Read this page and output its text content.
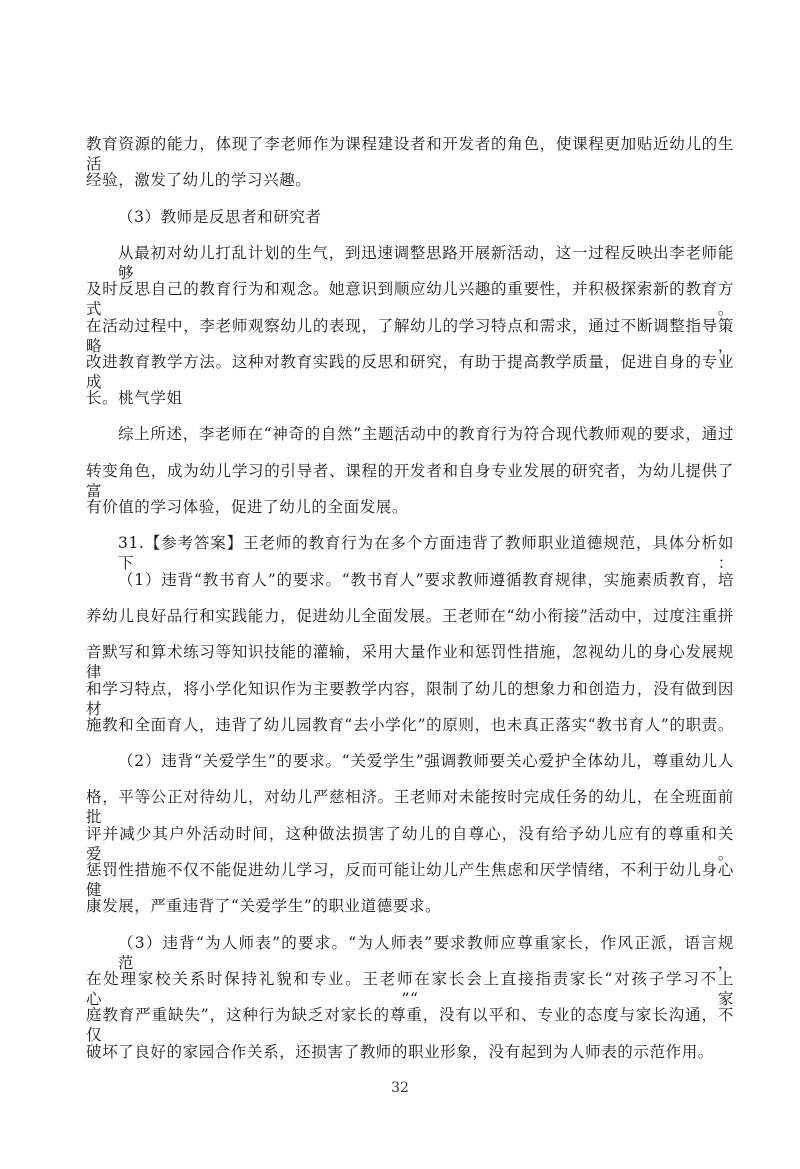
教育资源的能力，体现了李老师作为课程建设者和开发者的角色，使课程更加贴近幼儿的生活
经验，激发了幼儿的学习兴趣。
（3）教师是反思者和研究者
从最初对幼儿打乱计划的生气，到迅速调整思路开展新活动，这一过程反映出李老师能够
及时反思自己的教育行为和观念。她意识到顺应幼儿兴趣的重要性，并积极探索新的教育方式。
在活动过程中，李老师观察幼儿的表现，了解幼儿的学习特点和需求，通过不断调整指导策略，
改进教育教学方法。这种对教育实践的反思和研究，有助于提高教学质量，促进自身的专业成
长。桃气学姐
综上所述，李老师在“神奇的自然”主题活动中的教育行为符合现代教师观的要求，通过
转变角色，成为幼儿学习的引导者、课程的开发者和自身专业发展的研究者，为幼儿提供了富
有价值的学习体验，促进了幼儿的全面发展。
31.【参考答案】王老师的教育行为在多个方面违背了教师职业道德规范，具体分析如下：
（1）违背“教书育人”的要求。“教书育人”要求教师遵循教育规律，实施素质教育，培
养幼儿良好品行和实践能力，促进幼儿全面发展。王老师在“幼小衔接”活动中，过度注重拼
音默写和算术练习等知识技能的灌输，采用大量作业和惩罚性措施，忽视幼儿的身心发展规律
和学习特点，将小学化知识作为主要教学内容，限制了幼儿的想象力和创造力，没有做到因材
施教和全面育人，违背了幼儿园教育“去小学化”的原则，也未真正落实“教书育人”的职责。
（2）违背“关爱学生”的要求。“关爱学生”强调教师要关心爱护全体幼儿，尊重幼儿人
格，平等公正对待幼儿，对幼儿严慈相济。王老师对未能按时完成任务的幼儿，在全班面前批
评并减少其户外活动时间，这种做法损害了幼儿的自尊心，没有给予幼儿应有的尊重和关爱。
惩罚性措施不仅不能促进幼儿学习，反而可能让幼儿产生焦虑和厌学情绪，不利于幼儿身心健
康发展，严重违背了“关爱学生”的职业道德要求。
（3）违背“为人师表”的要求。“为人师表”要求教师应尊重家长，作风正派，语言规范，
在处理家校关系时保持礼貌和专业。王老师在家长会上直接指责家长“对孩子学习不上心”“家
庭教育严重缺失”，这种行为缺乏对家长的尊重，没有以平和、专业的态度与家长沟通，不仅
破坏了良好的家园合作关系，还损害了教师的职业形象，没有起到为人师表的示范作用。
32
